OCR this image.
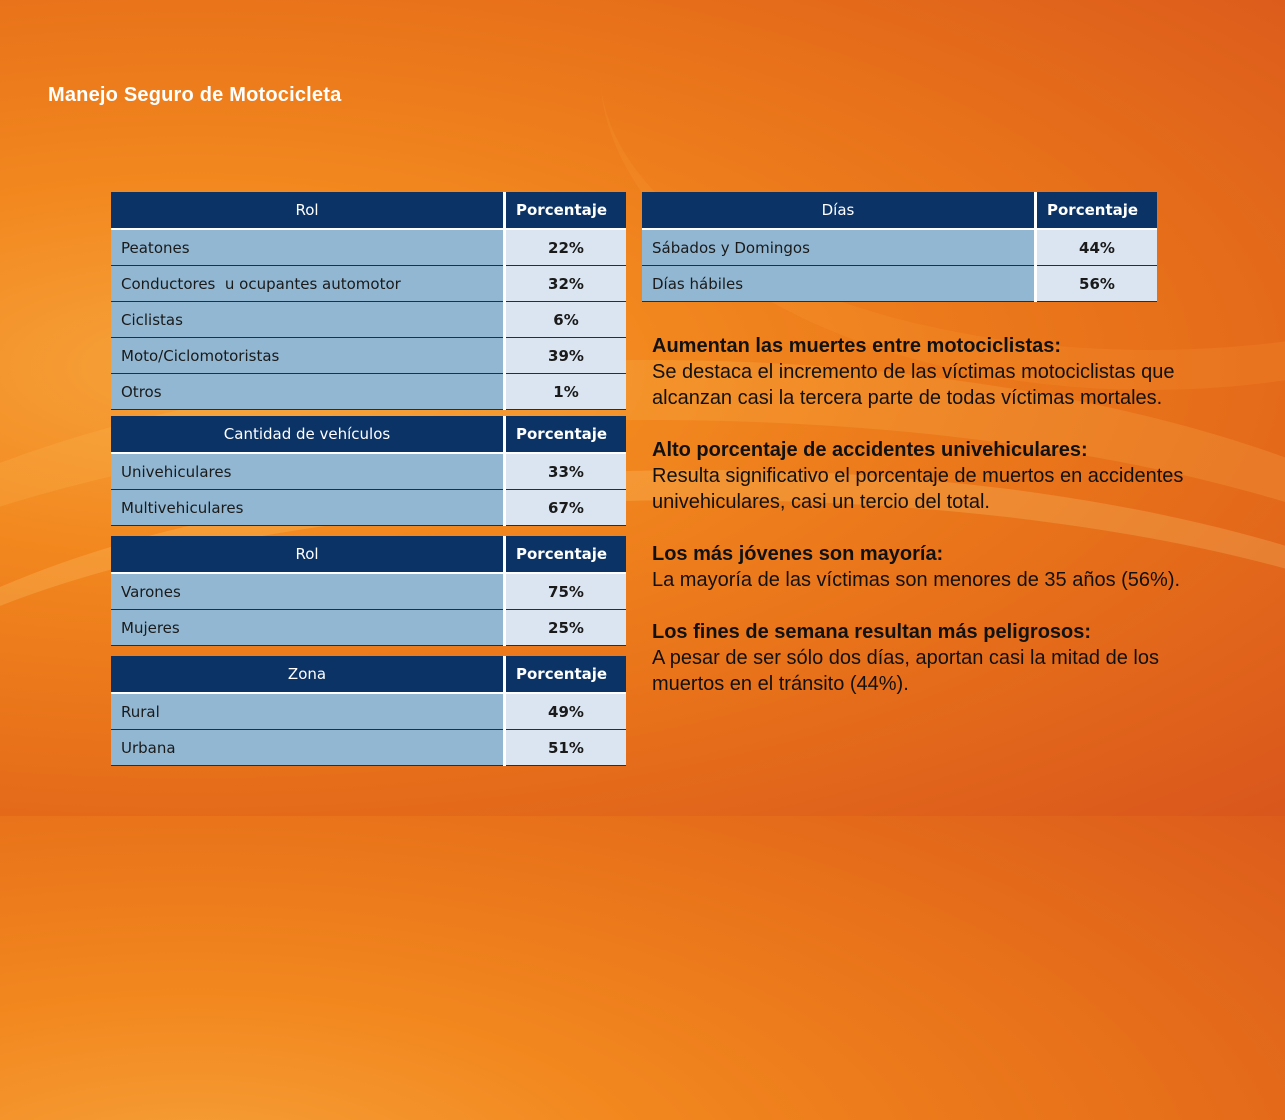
Manejo Seguro de Motocicleta
Rol	Porcentaje
Peatones	22%
Conductores  u ocupantes automotor	32%
Ciclistas	6%
Moto/Ciclomotoristas	39%
Otros	1%
Cantidad de vehículos	Porcentaje
Univehiculares	33%
Multivehiculares	67%
Rol	Porcentaje
Varones	75%
Mujeres	25%
Zona	Porcentaje
Rural	49%
Urbana	51%
Días	Porcentaje
Sábados y Domingos	44%
Días hábiles	56%
Aumentan las muertes entre motociclistas:
Se destaca el incremento de las víctimas motociclistas que alcanzan casi la tercera parte de todas víctimas mortales.
Alto porcentaje de accidentes univehiculares:
Resulta significativo el porcentaje de muertos en accidentes univehiculares, casi un tercio del total.
Los más jóvenes son mayoría:
La mayoría de las víctimas son menores de 35 años (56%).
Los fines de semana resultan más peligrosos:
A pesar de ser sólo dos días, aportan casi la mitad de los muertos en el tránsito (44%).
